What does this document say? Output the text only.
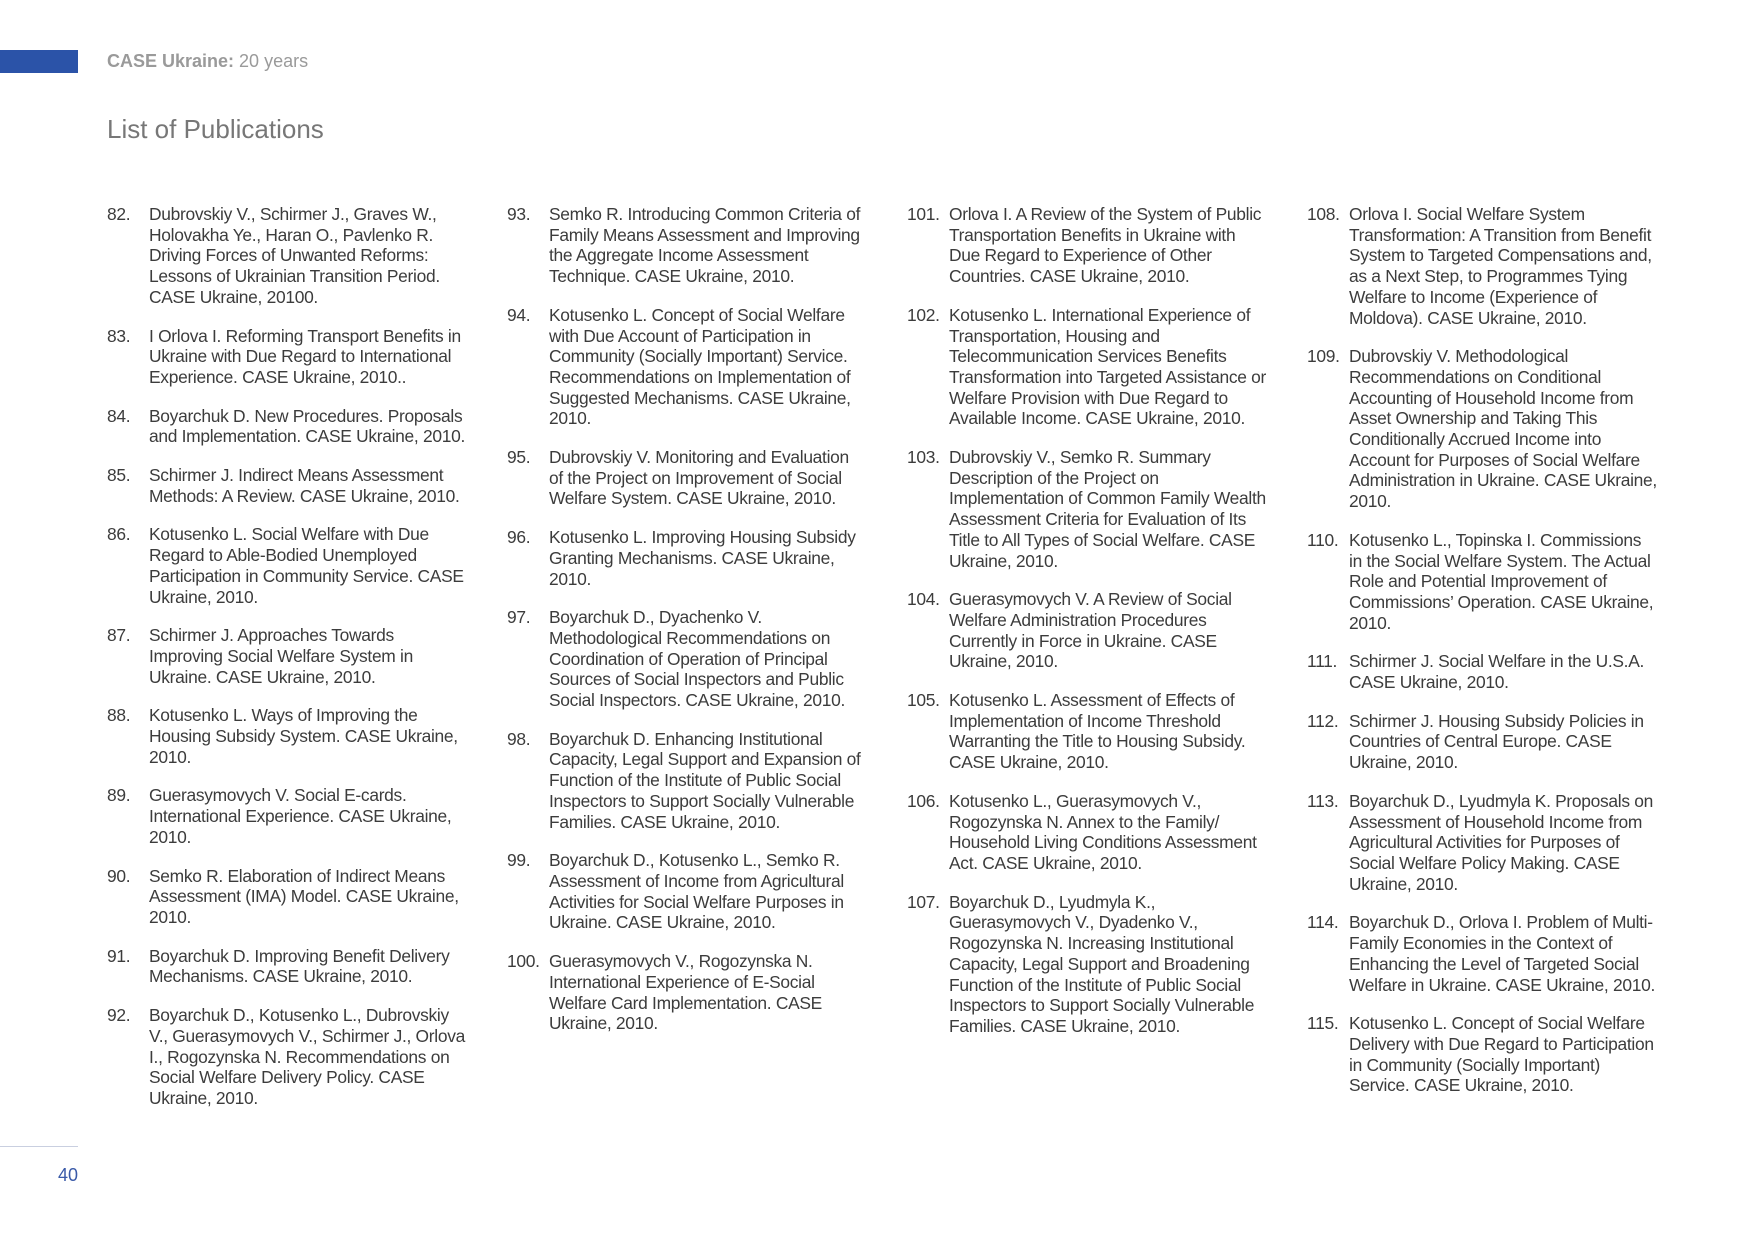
CASE Ukraine: 20 years
List of Publications
82.	Dubrovskiy V., Schirmer J., Graves W., Holovakha Ye., Haran O., Pavlenko R. Driving Forces of Unwanted Reforms: Lessons of Ukrainian Transition Period. CASE Ukraine, 20100.
83.	I Orlova I. Reforming Transport Benefits in Ukraine with Due Regard to International Experience. CASE Ukraine, 2010..
84.	Boyarchuk D. New Procedures. Proposals and Implementation. CASE Ukraine, 2010.
85.	Schirmer J. Indirect Means Assessment Methods: A Review. CASE Ukraine, 2010.
86.	Kotusenko L. Social Welfare with Due Regard to Able-Bodied Unemployed Participation in Community Service. CASE Ukraine, 2010.
87.	Schirmer J. Approaches Towards Improving Social Welfare System in Ukraine. CASE Ukraine, 2010.
88.	Kotusenko L. Ways of Improving the Housing Subsidy System. CASE Ukraine, 2010.
89.	Guerasymovych V. Social E-cards. International Experience. CASE Ukraine, 2010.
90.	Semko R. Elaboration of Indirect Means Assessment (IMA) Model. CASE Ukraine, 2010.
91.	Boyarchuk D. Improving Benefit Delivery Mechanisms. CASE Ukraine, 2010.
92.	Boyarchuk D., Kotusenko L., Dubrovskiy V., Guerasymovych V., Schirmer J., Orlova I., Rogozynska N. Recommendations on Social Welfare Delivery Policy. CASE Ukraine, 2010.
93.	Semko R. Introducing Common Criteria of Family Means Assessment and Improving the Aggregate Income Assessment Technique. CASE Ukraine, 2010.
94.	Kotusenko L. Concept of Social Welfare with Due Account of Participation in Community (Socially Important) Service. Recommendations on Implementation of Suggested Mechanisms. CASE Ukraine, 2010.
95.	Dubrovskiy V. Monitoring and Evaluation of the Project on Improvement of Social Welfare System. CASE Ukraine, 2010.
96.	Kotusenko L. Improving Housing Subsidy Granting Mechanisms. CASE Ukraine, 2010.
97.	Boyarchuk D., Dyachenko V. Methodological Recommendations on Coordination of Operation of Principal Sources of Social Inspectors and Public Social Inspectors. CASE Ukraine, 2010.
98.	Boyarchuk D. Enhancing Institutional Capacity, Legal Support and Expansion of Function of the Institute of Public Social Inspectors to Support Socially Vulnerable Families. CASE Ukraine, 2010.
99.	Boyarchuk D., Kotusenko L., Semko R. Assessment of Income from Agricultural Activities for Social Welfare Purposes in Ukraine. CASE Ukraine, 2010.
100. Guerasymovych V., Rogozynska N. International Experience of E-Social Welfare Card Implementation. CASE Ukraine, 2010.
101. Orlova I. A Review of the System of Public Transportation Benefits in Ukraine with Due Regard to Experience of Other Countries. CASE Ukraine, 2010.
102. Kotusenko L. International Experience of Transportation, Housing and Telecommunication Services Benefits Transformation into Targeted Assistance or Welfare Provision with Due Regard to Available Income. CASE Ukraine, 2010.
103. Dubrovskiy V., Semko R. Summary Description of the Project on Implementation of Common Family Wealth Assessment Criteria for Evaluation of Its Title to All Types of Social Welfare. CASE Ukraine, 2010.
104. Guerasymovych V. A Review of Social Welfare Administration Procedures Currently in Force in Ukraine. CASE Ukraine, 2010.
105. Kotusenko L. Assessment of Effects of Implementation of Income Threshold Warranting the Title to Housing Subsidy. CASE Ukraine, 2010.
106. Kotusenko L., Guerasymovych V., Rogozynska N. Annex to the Family/ Household Living Conditions Assessment Act. CASE Ukraine, 2010.
107. Boyarchuk D., Lyudmyla K., Guerasymovych V., Dyadenko V., Rogozynska N. Increasing Institutional Capacity, Legal Support and Broadening Function of the Institute of Public Social Inspectors to Support Socially Vulnerable Families. CASE Ukraine, 2010.
108. Orlova I. Social Welfare System Transformation: A Transition from Benefit System to Targeted Compensations and, as a Next Step, to Programmes Tying Welfare to Income (Experience of Moldova). CASE Ukraine, 2010.
109. Dubrovskiy V. Methodological Recommendations on Conditional Accounting of Household Income from Asset Ownership and Taking This Conditionally Accrued Income into Account for Purposes of Social Welfare Administration in Ukraine. CASE Ukraine, 2010.
110. Kotusenko L., Topinska I. Commissions in the Social Welfare System. The Actual Role and Potential Improvement of Commissions’ Operation. CASE Ukraine, 2010.
111. Schirmer J. Social Welfare in the U.S.A. CASE Ukraine, 2010.
112. Schirmer J. Housing Subsidy Policies in Countries of Central Europe. CASE Ukraine, 2010.
113. Boyarchuk D., Lyudmyla K. Proposals on Assessment of Household Income from Agricultural Activities for Purposes of Social Welfare Policy Making. CASE Ukraine, 2010.
114. Boyarchuk D., Orlova I. Problem of Multi-Family Economies in the Context of Enhancing the Level of Targeted Social Welfare in Ukraine. CASE Ukraine, 2010.
115. Kotusenko L. Concept of Social Welfare Delivery with Due Regard to Participation in Community (Socially Important) Service. CASE Ukraine, 2010.
40
